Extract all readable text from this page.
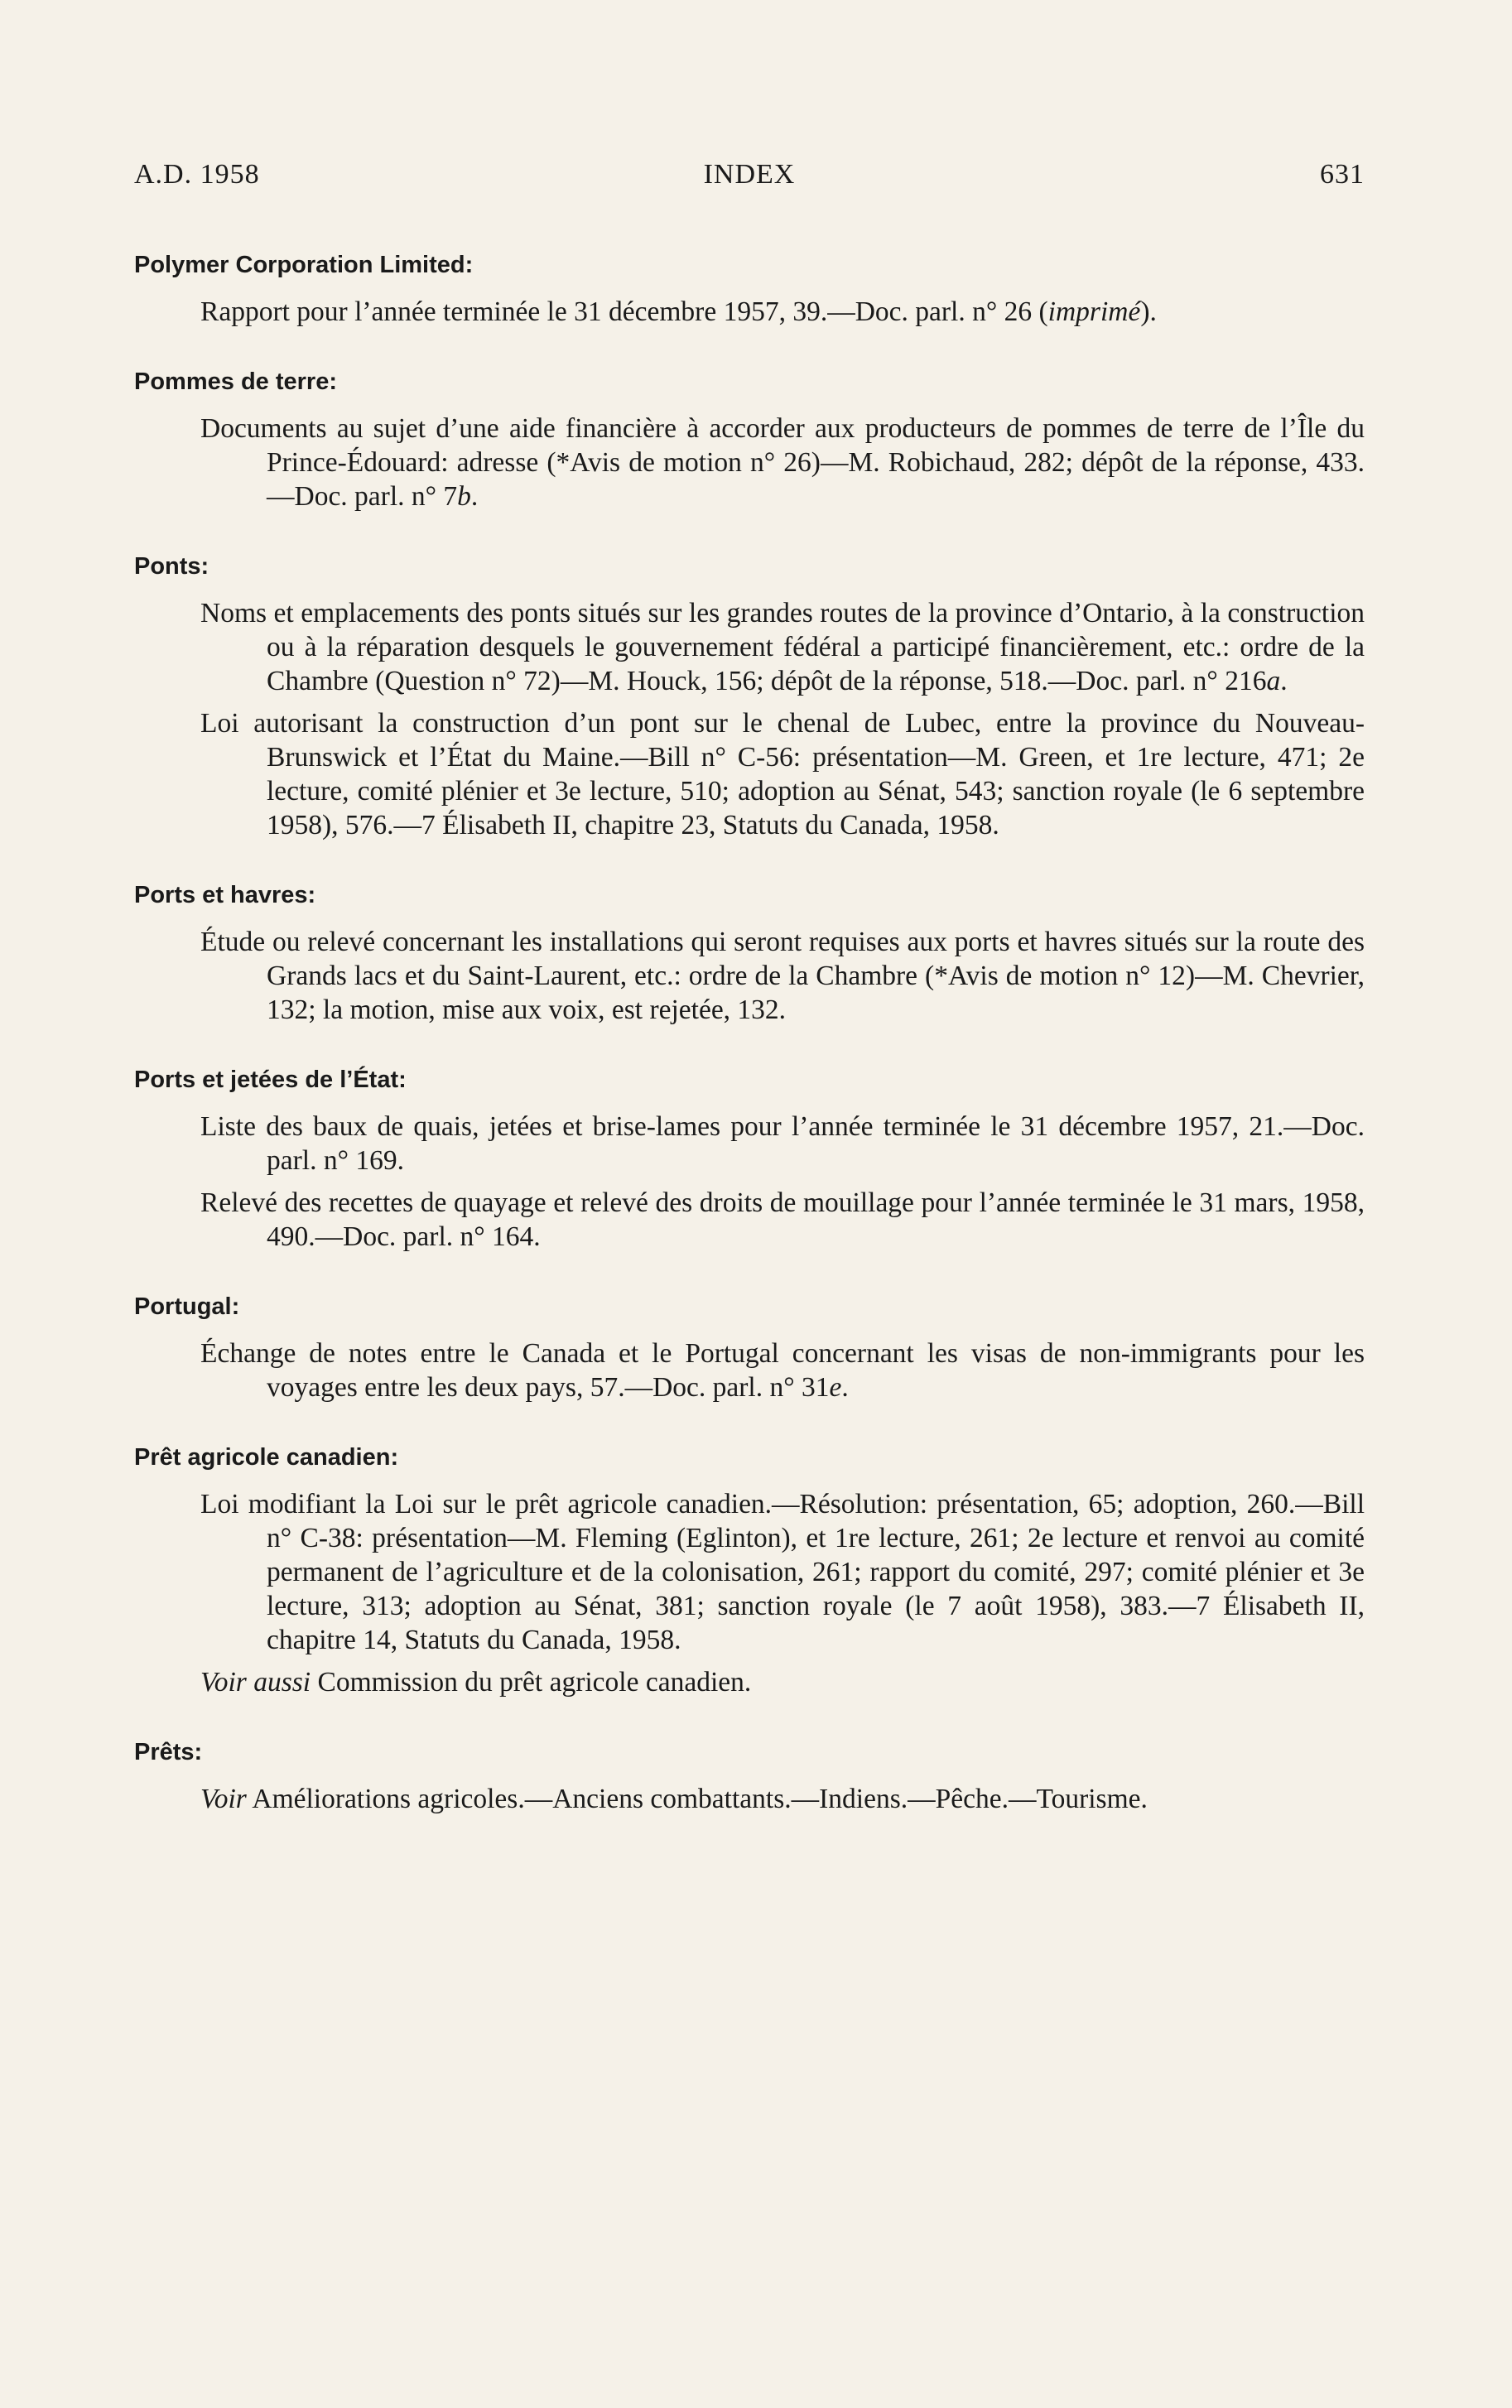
A.D. 1958	INDEX	631
Polymer Corporation Limited:

Rapport pour l’année terminée le 31 décembre 1957, 39.—Doc. parl. n° 26 (imprimé).

Pommes de terre:

Documents au sujet d’une aide financière à accorder aux producteurs de pommes de terre de l’Île du Prince-Édouard: adresse (*Avis de motion n° 26)—M. Robichaud, 282; dépôt de la réponse, 433.—Doc. parl. n° 7b.

Ponts:

Noms et emplacements des ponts situés sur les grandes routes de la province d’Ontario, à la construction ou à la réparation desquels le gouvernement fédéral a participé financièrement, etc.: ordre de la Chambre (Question n° 72)—M. Houck, 156; dépôt de la réponse, 518.—Doc. parl. n° 216a.

Loi autorisant la construction d’un pont sur le chenal de Lubec, entre la province du Nouveau-Brunswick et l’État du Maine.—Bill n° C-56: présentation—M. Green, et 1re lecture, 471; 2e lecture, comité plénier et 3e lecture, 510; adoption au Sénat, 543; sanction royale (le 6 septembre 1958), 576.—7 Élisabeth II, chapitre 23, Statuts du Canada, 1958.

Ports et havres:

Étude ou relevé concernant les installations qui seront requises aux ports et havres situés sur la route des Grands lacs et du Saint-Laurent, etc.: ordre de la Chambre (*Avis de motion n° 12)—M. Chevrier, 132; la motion, mise aux voix, est rejetée, 132.

Ports et jetées de l’État:

Liste des baux de quais, jetées et brise-lames pour l’année terminée le 31 décembre 1957, 21.—Doc. parl. n° 169.

Relevé des recettes de quayage et relevé des droits de mouillage pour l’année terminée le 31 mars, 1958, 490.—Doc. parl. n° 164.

Portugal:

Échange de notes entre le Canada et le Portugal concernant les visas de non-immigrants pour les voyages entre les deux pays, 57.—Doc. parl. n° 31e.

Prêt agricole canadien:

Loi modifiant la Loi sur le prêt agricole canadien.—Résolution: présentation, 65; adoption, 260.—Bill n° C-38: présentation—M. Fleming (Eglinton), et 1re lecture, 261; 2e lecture et renvoi au comité permanent de l’agriculture et de la colonisation, 261; rapport du comité, 297; comité plénier et 3e lecture, 313; adoption au Sénat, 381; sanction royale (le 7 août 1958), 383.—7 Élisabeth II, chapitre 14, Statuts du Canada, 1958.

Voir aussi Commission du prêt agricole canadien.

Prêts:

Voir Améliorations agricoles.—Anciens combattants.—Indiens.—Pêche.—Tourisme.
